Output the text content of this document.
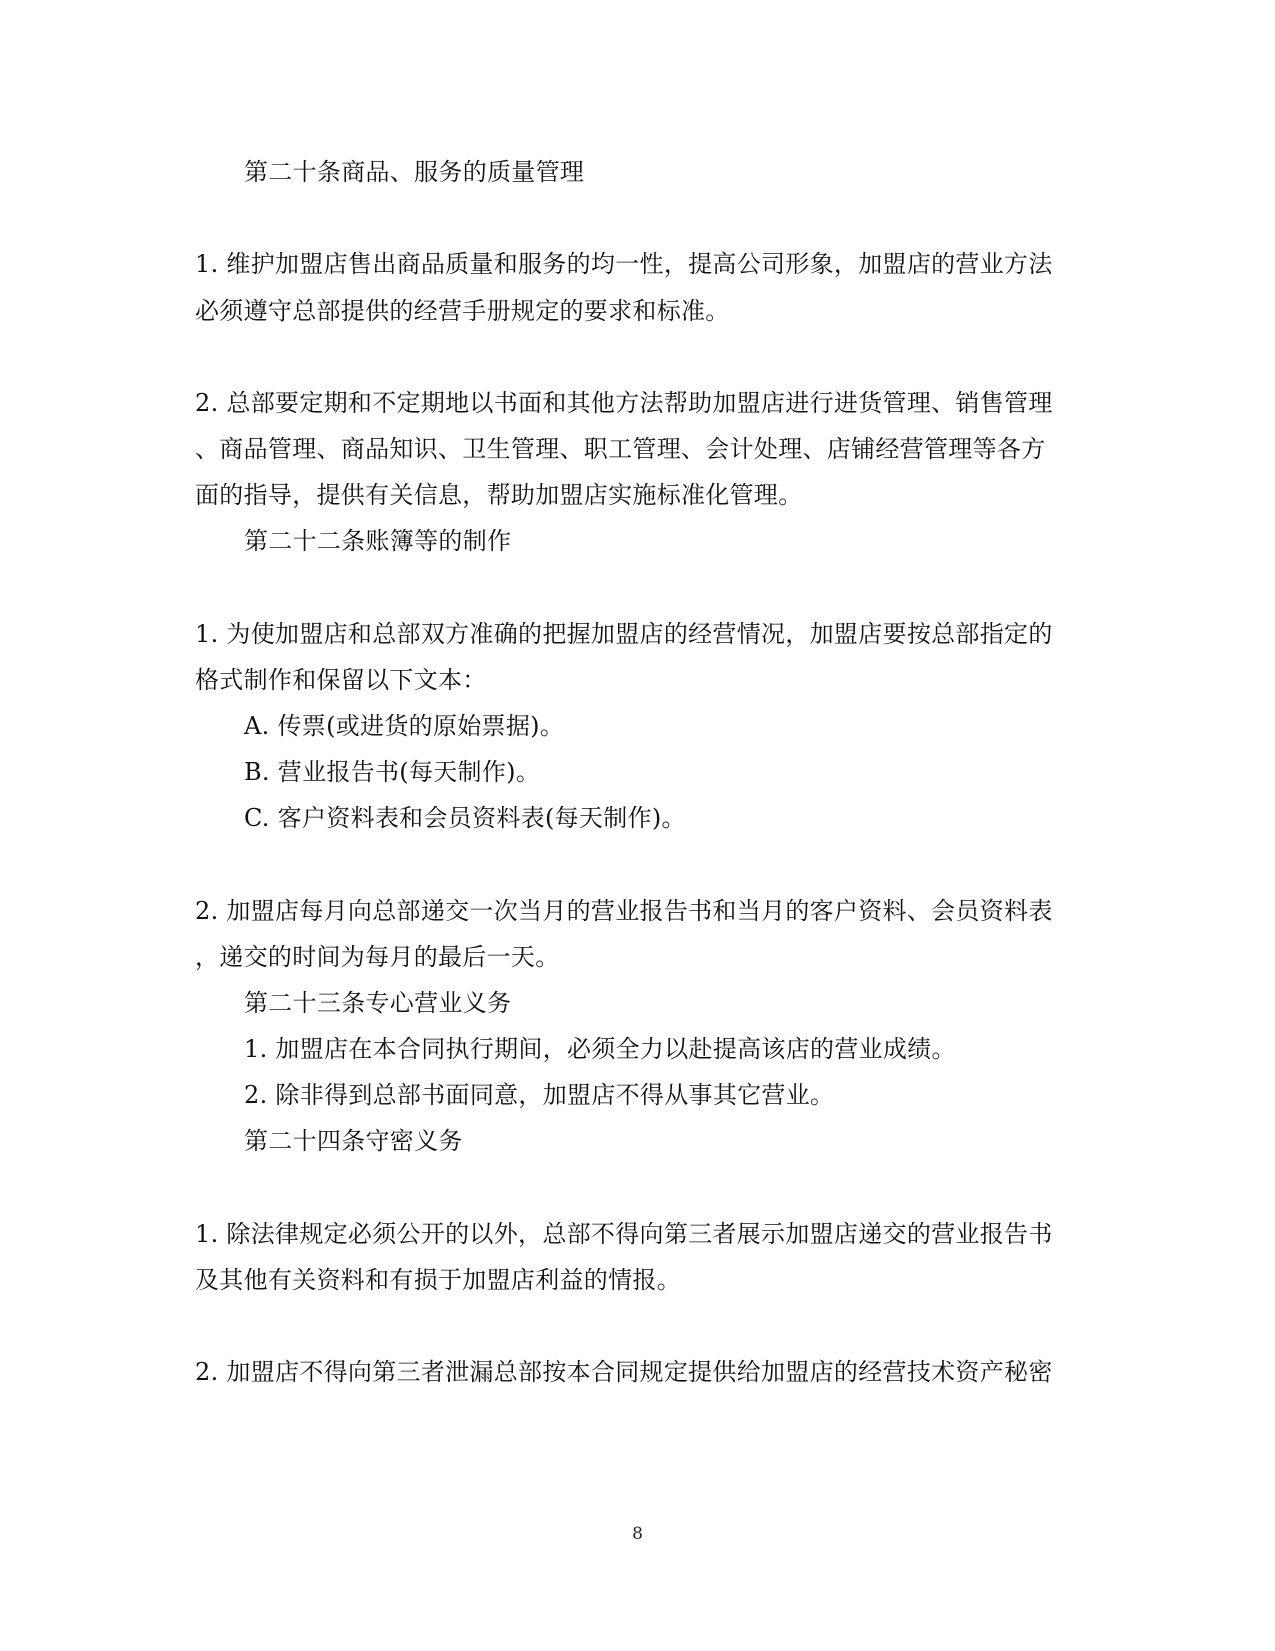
第二十条商品、服务的质量管理
1. 维护加盟店售出商品质量和服务的均一性，提高公司形象，加盟店的营业方法
必须遵守总部提供的经营手册规定的要求和标准。
2. 总部要定期和不定期地以书面和其他方法帮助加盟店进行进货管理、销售管理
、商品管理、商品知识、卫生管理、职工管理、会计处理、店铺经营管理等各方
面的指导，提供有关信息，帮助加盟店实施标准化管理。
第二十二条账簿等的制作
1. 为使加盟店和总部双方准确的把握加盟店的经营情况，加盟店要按总部指定的
格式制作和保留以下文本：
A. 传票(或进货的原始票据)。
B. 营业报告书(每天制作)。
C. 客户资料表和会员资料表(每天制作)。
2. 加盟店每月向总部递交一次当月的营业报告书和当月的客户资料、会员资料表
，递交的时间为每月的最后一天。
第二十三条专心营业义务
1. 加盟店在本合同执行期间，必须全力以赴提高该店的营业成绩。
2. 除非得到总部书面同意，加盟店不得从事其它营业。
第二十四条守密义务
1. 除法律规定必须公开的以外，总部不得向第三者展示加盟店递交的营业报告书
及其他有关资料和有损于加盟店利益的情报。
2. 加盟店不得向第三者泄漏总部按本合同规定提供给加盟店的经营技术资产秘密
8
